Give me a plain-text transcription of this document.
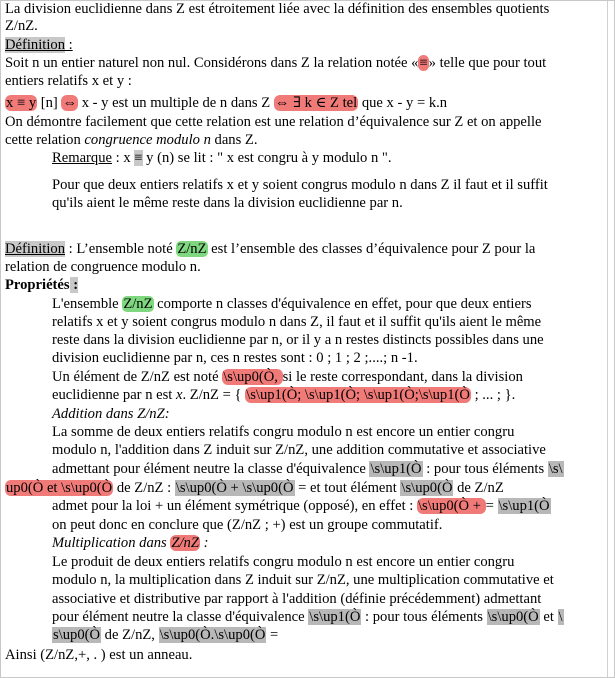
La division euclidienne dans Z est étroitement liée avec la définition des ensembles quotients
Z/nZ.
Définition :
Soit n un entier naturel non nul. Considérons dans Z la relation notée «≡» telle que pour tout
entiers relatifs x et y :
x ≡ y [n] ⇔ x - y est un multiple de n dans Z ⇔ ∃ k ∈ Z tel que x - y = k.n
On démontre facilement que cette relation est une relation d’équivalence sur Z et on appelle
cette relation congruence modulo n dans Z.
Remarque : x ≡ y (n) se lit : " x est congru à y modulo n ".
Pour que deux entiers relatifs x et y soient congrus modulo n dans Z il faut et il suffit
qu'ils aient le même reste dans la division euclidienne par n.
Définition : L’ensemble noté Z/nZ est l’ensemble des classes d’équivalence pour Z pour la
relation de congruence modulo n.
Propriétés :
L'ensemble Z/nZ comporte n classes d'équivalence en effet, pour que deux entiers
relatifs x et y soient congrus modulo n dans Z, il faut et il suffit qu'ils aient le même
reste dans la division euclidienne par n, or il y a n restes distincts possibles dans une
division euclidienne par n, ces n restes sont : 0 ; 1 ; 2 ;....; n -1.
Un élément de Z/nZ est noté \s\up0(Ò, si le reste correspondant, dans la division
euclidienne par n est x. Z/nZ = { \s\up1(Ò; \s\up1(Ò; \s\up1(Ò;\s\up1(Ò ; ... ; }.
Addition dans Z/nZ:
La somme de deux entiers relatifs congru modulo n est encore un entier congru
modulo n, l'addition dans Z induit sur Z/nZ, une addition commutative et associative
admettant pour élément neutre la classe d'équivalence \s\up1(Ò : pour tous éléments \s\
up0(Ò et \s\up0(Ò de Z/nZ : \s\up0(Ò + \s\up0(Ò = et tout élément \s\up0(Ò de Z/nZ
admet pour la loi + un élément symétrique (opposé), en effet : \s\up0(Ò + = \s\up1(Ò
on peut donc en conclure que (Z/nZ ; +) est un groupe commutatif.
Multiplication dans Z/nZ :
Le produit de deux entiers relatifs congru modulo n est encore un entier congru
modulo n, la multiplication dans Z induit sur Z/nZ, une multiplication commutative et
associative et distributive par rapport à l'addition (définie précédemment) admettant
pour élément neutre la classe d'équivalence \s\up1(Ò : pour tous éléments \s\up0(Ò et \
s\up0(Ò de Z/nZ, \s\up0(Ò.\s\up0(Ò =
Ainsi (Z/nZ,+, . ) est un anneau.
